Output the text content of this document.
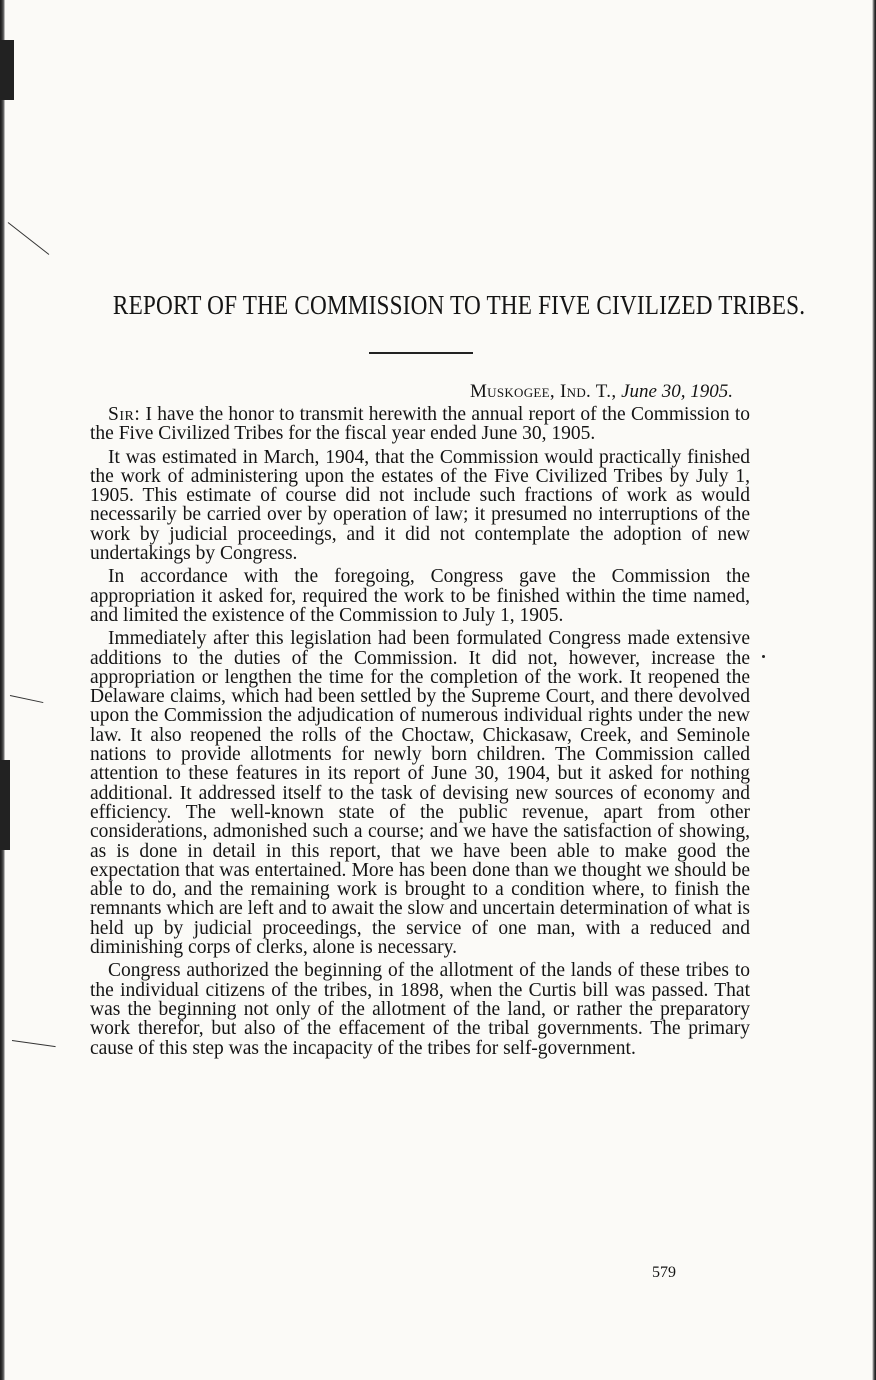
REPORT OF THE COMMISSION TO THE FIVE CIVILIZED TRIBES.
Muskogee, Ind. T., June 30, 1905.

Sir: I have the honor to transmit herewith the annual report of the Commission to the Five Civilized Tribes for the fiscal year ended June 30, 1905.

It was estimated in March, 1904, that the Commission would practically finished the work of administering upon the estates of the Five Civilized Tribes by July 1, 1905. This estimate of course did not include such fractions of work as would necessarily be carried over by operation of law; it presumed no interruptions of the work by judicial proceedings, and it did not contemplate the adoption of new undertakings by Congress.

In accordance with the foregoing, Congress gave the Commission the appropriation it asked for, required the work to be finished within the time named, and limited the existence of the Commission to July 1, 1905.

Immediately after this legislation had been formulated Congress made extensive additions to the duties of the Commission. It did not, however, increase the appropriation or lengthen the time for the completion of the work. It reopened the Delaware claims, which had been settled by the Supreme Court, and there devolved upon the Commission the adjudication of numerous individual rights under the new law. It also reopened the rolls of the Choctaw, Chickasaw, Creek, and Seminole nations to provide allotments for newly born children. The Commission called attention to these features in its report of June 30, 1904, but it asked for nothing additional. It addressed itself to the task of devising new sources of economy and efficiency. The well-known state of the public revenue, apart from other considerations, admonished such a course; and we have the satisfaction of showing, as is done in detail in this report, that we have been able to make good the expectation that was entertained. More has been done than we thought we should be able to do, and the remaining work is brought to a condition where, to finish the remnants which are left and to await the slow and uncertain determination of what is held up by judicial proceedings, the service of one man, with a reduced and diminishing corps of clerks, alone is necessary.

Congress authorized the beginning of the allotment of the lands of these tribes to the individual citizens of the tribes, in 1898, when the Curtis bill was passed. That was the beginning not only of the allotment of the land, or rather the preparatory work therefor, but also of the effacement of the tribal governments. The primary cause of this step was the incapacity of the tribes for self-government.

579
